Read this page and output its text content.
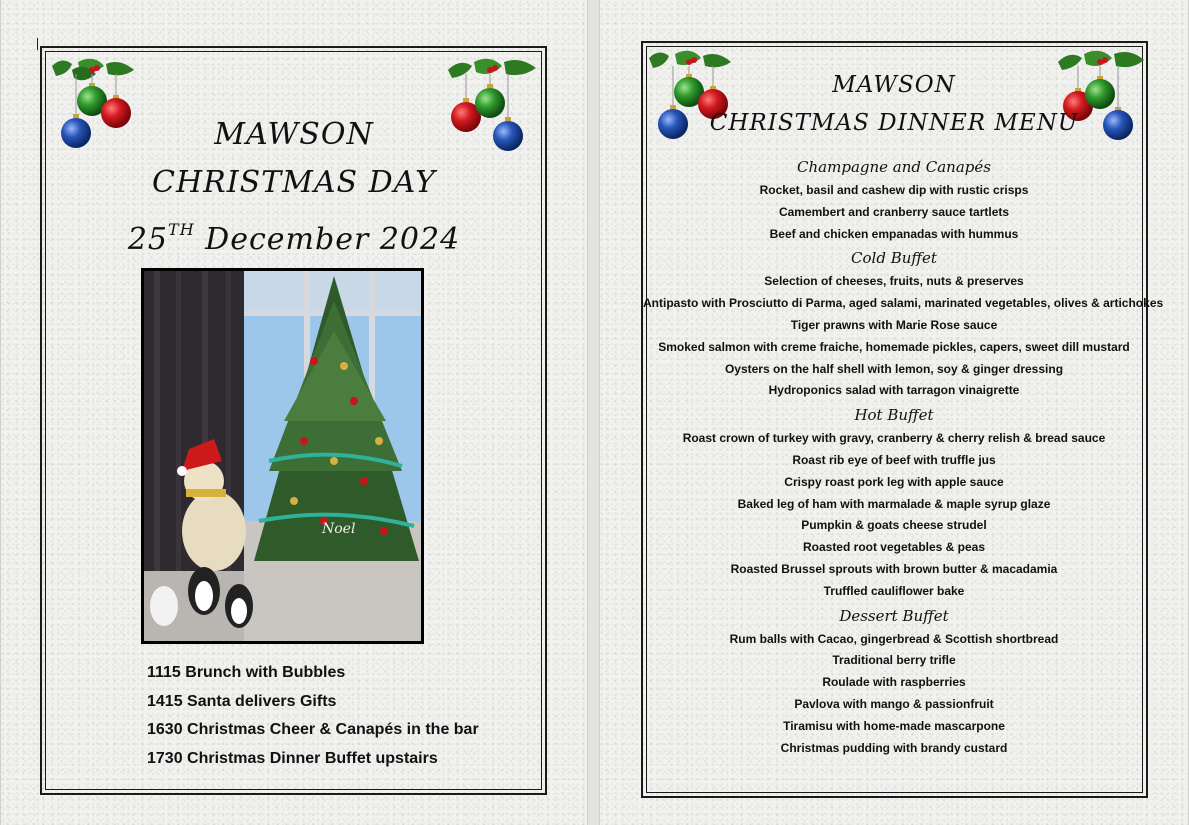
MAWSON
CHRISTMAS DAY
25TH December 2024
Noel
1115 Brunch with Bubbles
1415 Santa delivers Gifts
1630 Christmas Cheer & Canapés in the bar
1730 Christmas Dinner Buffet upstairs
MAWSON
CHRISTMAS DINNER MENU
Champagne and Canapés
Rocket, basil and cashew dip with rustic crisps
Camembert and cranberry sauce tartlets
Beef and chicken empanadas with hummus
Cold Buffet
Selection of cheeses, fruits, nuts & preserves
Antipasto with Prosciutto di Parma, aged salami, marinated vegetables, olives & artichokes
Tiger prawns with Marie Rose sauce
Smoked salmon with creme fraiche, homemade pickles, capers, sweet dill mustard
Oysters on the half shell with lemon, soy & ginger dressing
Hydroponics salad with tarragon vinaigrette
Hot Buffet
Roast crown of turkey with gravy, cranberry & cherry relish & bread sauce
Roast rib eye of beef with truffle jus
Crispy roast pork leg with apple sauce
Baked leg of ham with marmalade & maple syrup glaze
Pumpkin & goats cheese strudel
Roasted root vegetables & peas
Roasted Brussel sprouts with brown butter & macadamia
Truffled cauliflower bake
Dessert Buffet
Rum balls with Cacao, gingerbread & Scottish shortbread
Traditional berry trifle
Roulade with raspberries
Pavlova with mango & passionfruit
Tiramisu with home-made mascarpone
Christmas pudding with brandy custard
